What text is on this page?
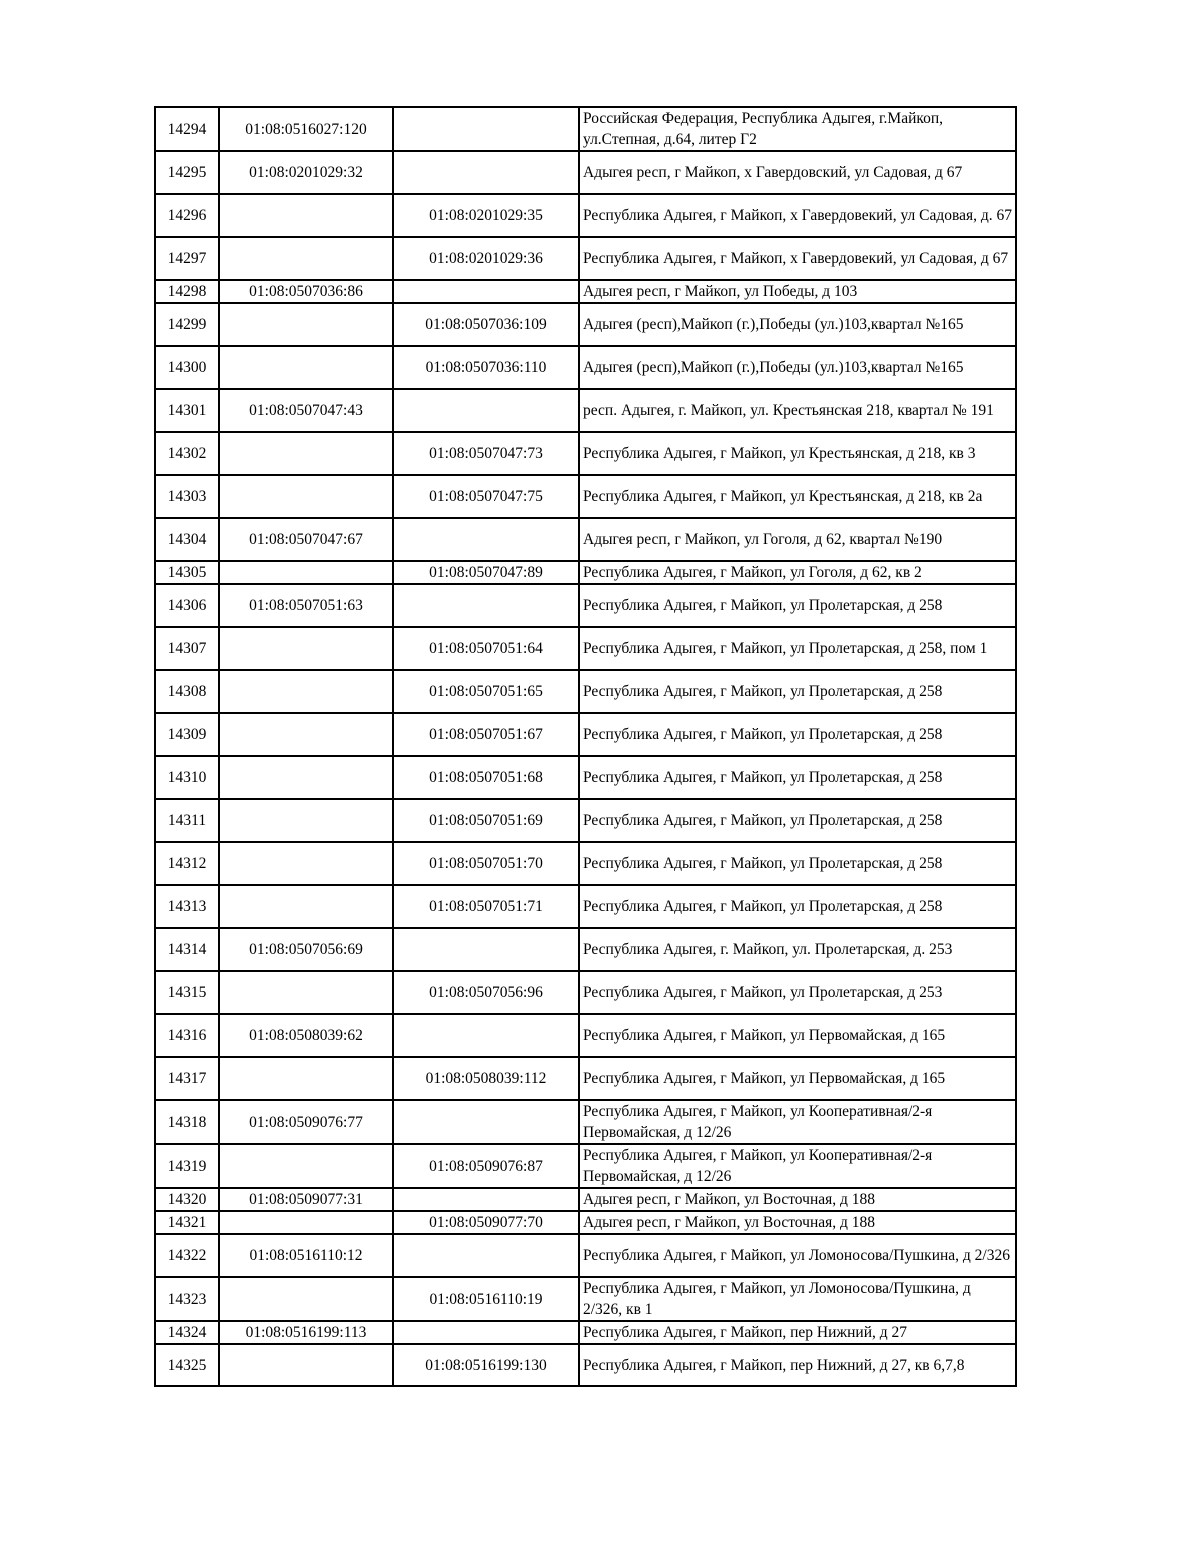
14294	01:08:0516027:120		Российская Федерация, Республика Адыгея, г.Майкоп, ул.Степная, д.64, литер Г2
14295	01:08:0201029:32		Адыгея респ, г Майкоп, х Гавердовский, ул Садовая, д 67
14296		01:08:0201029:35	Республика Адыгея, г Майкоп, х Гавердовекий, ул Садовая, д. 67
14297		01:08:0201029:36	Республика Адыгея, г Майкоп, х Гавердовекий, ул Садовая, д 67
14298	01:08:0507036:86		Адыгея респ, г Майкоп, ул Победы, д 103
14299		01:08:0507036:109	Адыгея (респ),Майкоп (г.),Победы (ул.)103,квартал №165
14300		01:08:0507036:110	Адыгея (респ),Майкоп (г.),Победы (ул.)103,квартал №165
14301	01:08:0507047:43		респ. Адыгея, г. Майкоп, ул. Крестьянская 218, квартал № 191
14302		01:08:0507047:73	Республика Адыгея, г Майкоп, ул Крестьянская, д 218, кв 3
14303		01:08:0507047:75	Республика Адыгея, г Майкоп, ул Крестьянская, д 218, кв 2а
14304	01:08:0507047:67		Адыгея респ, г Майкоп, ул Гоголя, д 62, квартал №190
14305		01:08:0507047:89	Республика Адыгея, г Майкоп, ул Гоголя, д 62, кв 2
14306	01:08:0507051:63		Республика Адыгея, г Майкоп, ул Пролетарская, д 258
14307		01:08:0507051:64	Республика Адыгея, г Майкоп, ул Пролетарская, д 258, пом 1
14308		01:08:0507051:65	Республика Адыгея, г Майкоп, ул Пролетарская, д 258
14309		01:08:0507051:67	Республика Адыгея, г Майкоп, ул Пролетарская, д 258
14310		01:08:0507051:68	Республика Адыгея, г Майкоп, ул Пролетарская, д 258
14311		01:08:0507051:69	Республика Адыгея, г Майкоп, ул Пролетарская, д 258
14312		01:08:0507051:70	Республика Адыгея, г Майкоп, ул Пролетарская, д 258
14313		01:08:0507051:71	Республика Адыгея, г Майкоп, ул Пролетарская, д 258
14314	01:08:0507056:69		Республика Адыгея, г. Майкоп, ул. Пролетарская, д. 253
14315		01:08:0507056:96	Республика Адыгея, г Майкоп, ул Пролетарская, д 253
14316	01:08:0508039:62		Республика Адыгея, г Майкоп, ул Первомайская, д 165
14317		01:08:0508039:112	Республика Адыгея, г Майкоп, ул Первомайская, д 165
14318	01:08:0509076:77		Республика Адыгея, г Майкоп, ул Кооперативная/2-я Первомайская, д 12/26
14319		01:08:0509076:87	Республика Адыгея, г Майкоп, ул Кооперативная/2-я Первомайская, д 12/26
14320	01:08:0509077:31		Адыгея респ, г Майкоп, ул Восточная, д 188
14321		01:08:0509077:70	Адыгея респ, г Майкоп, ул Восточная, д 188
14322	01:08:0516110:12		Республика Адыгея, г Майкоп, ул Ломоносова/Пушкина, д 2/326
14323		01:08:0516110:19	Республика Адыгея, г Майкоп, ул Ломоносова/Пушкина, д 2/326, кв 1
14324	01:08:0516199:113		Республика Адыгея, г Майкоп, пер Нижний, д 27
14325		01:08:0516199:130	Республика Адыгея, г Майкоп, пер Нижний, д 27, кв 6,7,8
